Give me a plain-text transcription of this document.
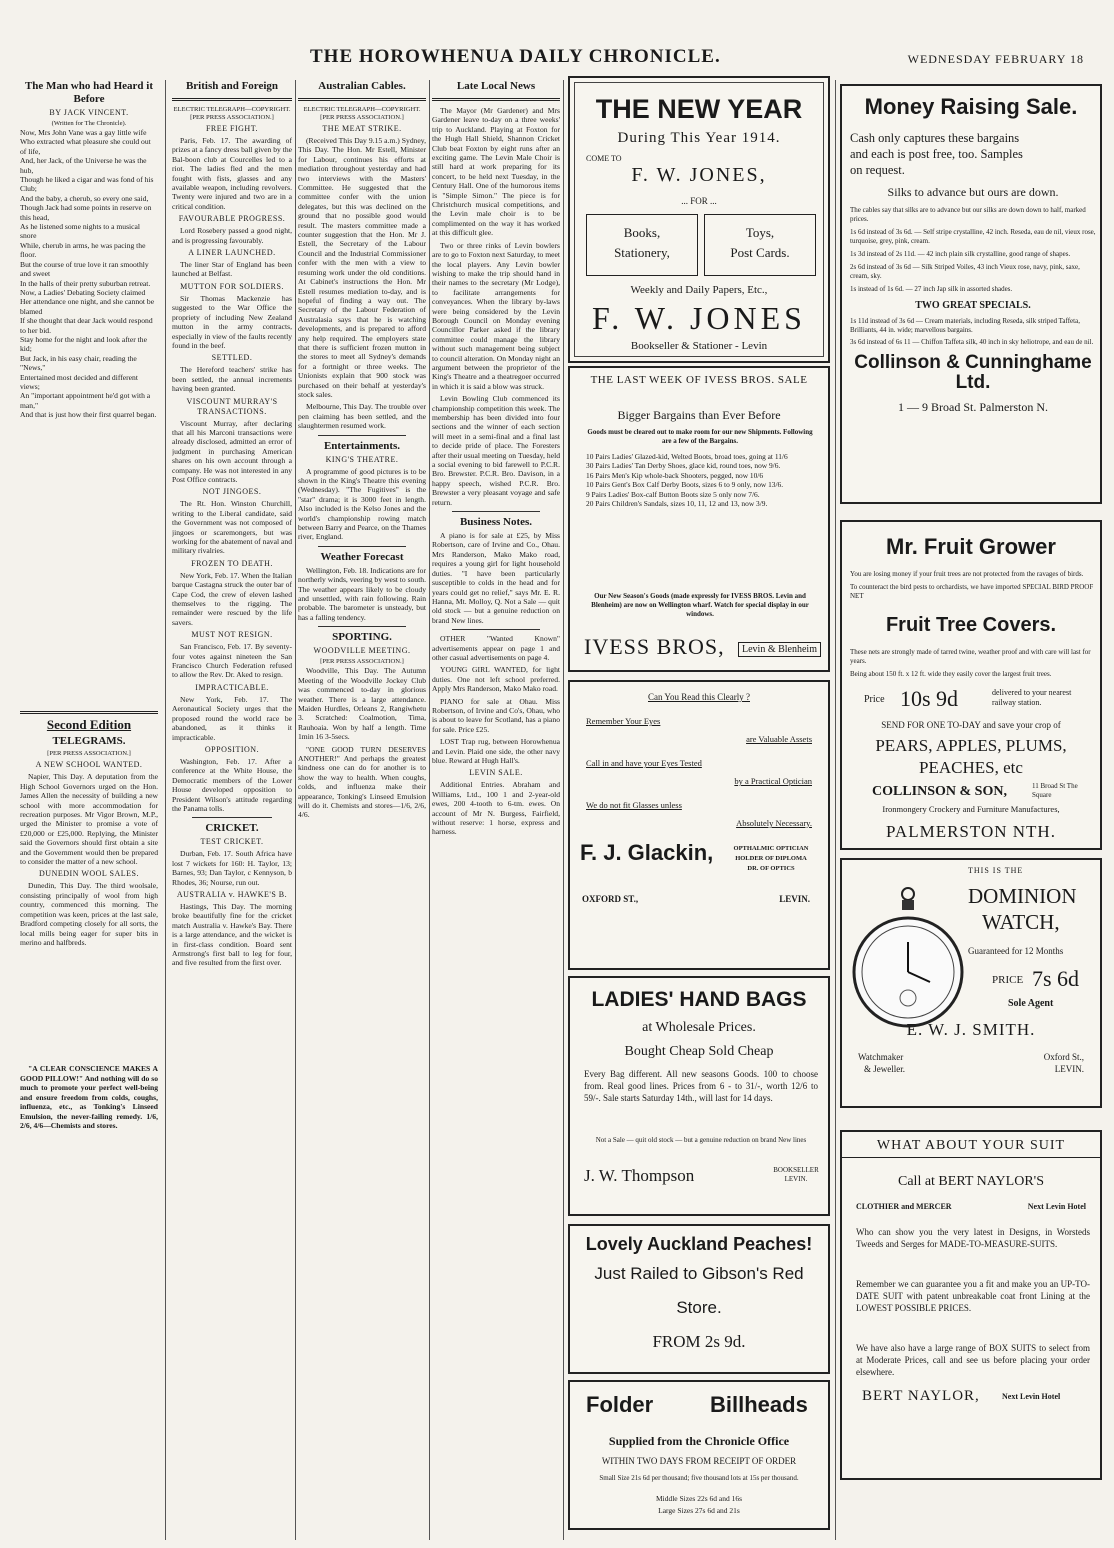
THE HOROWHENUA DAILY CHRONICLE.	WEDNESDAY FEBRUARY 18
The Man who had Heard it Before
BY JACK VINCENT.
(Written for The Chronicle).
Now, Mrs John Vane was a gay little wife
Who extracted what pleasure she could out of life,
And, her Jack, of the Universe he was the hub,
Though he liked a cigar and was fond of his Club;
And the baby, a cherub, so every one said,
Though Jack had some points in reserve on this head,
As he listened some nights to a musical snore
While, cherub in arms, he was pacing the floor.
But the course of true love it ran smoothly and sweet
In the halls of their pretty suburban retreat.
Now, a Ladies' Debating Society claimed
Her attendance one night, and she cannot be blamed
If she thought that dear Jack would respond to her bid.
Stay home for the night and look after the kid;
But Jack, in his easy chair, reading the "News,"
Entertained most decided and different views;
An "important appointment he'd got with a man,"
And that is just how their first quarrel began.
Second Edition
TELEGRAMS.
[PER PRESS ASSOCIATION.]
A NEW SCHOOL WANTED.

Napier, This Day. A deputation from the High School Governors urged on the Hon. James Allen the necessity of building a new school with more accommodation for recreation purposes. Mr Vigor Brown, M.P., urged the Minister to promise a vote of £20,000 or £25,000. Replying, the Minister said the Governors should first obtain a site and the Government would then be prepared to consider the matter of a new school.

DUNEDIN WOOL SALES.

Dunedin, This Day. The third woolsale, consisting principally of wool from high country, commenced this morning. The competition was keen, prices at the last sale, Bradford competing closely for all sorts, the local mills being eager for super bits in merino and halfbreds.

"A CLEAR CONSCIENCE MAKES A GOOD PILLOW!" And nothing will do so much to promote your perfect well-being and ensure freedom from colds, coughs, influenza, etc., as Tonking's Linseed Emulsion, the never-failing remedy. 1/6, 2/6, 4/6—Chemists and stores.

British and Foreign
ELECTRIC TELEGRAPH—COPYRIGHT. [PER PRESS ASSOCIATION.]
FREE FIGHT.

Paris, Feb. 17. The awarding of prizes at a fancy dress ball given by the Bal-boon club at Courcelles led to a riot. The ladies fled and the men fought with fists, glasses and any available weapon, including revolvers. Twenty were injured and two are in a critical condition.

FAVOURABLE PROGRESS.

Lord Rosebery passed a good night, and is progressing favourably.

A LINER LAUNCHED.

The liner Star of England has been launched at Belfast.

MUTTON FOR SOLDIERS.

Sir Thomas Mackenzie has suggested to the War Office the propriety of including New Zealand mutton in the army contracts, especially in view of the faults recently found in the beef.

SETTLED.

The Hereford teachers' strike has been settled, the annual increments having been granted.

VISCOUNT MURRAY'S TRANSACTIONS.

Viscount Murray, after declaring that all his Marconi transactions were already disclosed, admitted an error of judgment in purchasing American shares on his own account through a company. He was not interested in any Post Office contracts.

NOT JINGOES.

The Rt. Hon. Winston Churchill, writing to the Liberal candidate, said the Government was not composed of jingoes or scaremongers, but was working for the abatement of naval and military rivalries.

FROZEN TO DEATH.

New York, Feb. 17. When the Italian barque Castagna struck the outer bar of Cape Cod, the crew of eleven lashed themselves to the rigging. The remainder were rescued by the life savers.

MUST NOT RESIGN.

San Francisco, Feb. 17. By seventy-four votes against nineteen the San Francisco Church Federation refused to allow the Rev. Dr. Aked to resign.

IMPRACTICABLE.

New York, Feb. 17. The Aeronautical Society urges that the proposed round the world race be abandoned, as it thinks it impracticable.

OPPOSITION.

Washington, Feb. 17. After a conference at the White House, the Democratic members of the Lower House developed opposition to President Wilson's attitude regarding the Panama tolls.

CRICKET.
TEST CRICKET.

Durban, Feb. 17. South Africa have lost 7 wickets for 160: H. Taylor, 13; Barnes, 93; Dan Taylor, c Kennyson, b Rhodes, 36; Nourse, run out.

AUSTRALIA v. HAWKE'S B.

Hastings, This Day. The morning broke beautifully fine for the cricket match Australia v. Hawke's Bay. There is a large attendance, and the wicket is in first-class condition. Board sent Armstrong's first ball to leg for four, and five resulted from the first over.

Australian Cables.
ELECTRIC TELEGRAPH—COPYRIGHT. [PER PRESS ASSOCIATION.]
THE MEAT STRIKE.

(Received This Day 9.15 a.m.) Sydney, This Day. The Hon. Mr Estell, Minister for Labour, continues his efforts at mediation throughout yesterday and had two interviews with the Masters' Committee. He suggested that the committee confer with the union delegates, but this was declined on the ground that no possible good would result. The masters committee made a counter suggestion that the Hon. Mr J. Estell, the Secretary of the Labour Council and the Industrial Commissioner confer with the men with a view to resuming work under the old conditions. At Cabinet's instructions the Hon. Mr Estell resumes mediation to-day, and is hopeful of finding a way out. The Secretary of the Labour Federation of Australasia says that he is watching developments, and is prepared to afford any help required. The employers state that there is sufficient frozen mutton in the stores to meet all Sydney's demands for a fortnight or three weeks. The Unionists explain that 900 stock was purchased on their behalf at yesterday's stock sales.

Melbourne, This Day. The trouble over pen claiming has been settled, and the slaughtermen resumed work.

Entertainments.
KING'S THEATRE.

A programme of good pictures is to be shown in the King's Theatre this evening (Wednesday). "The Fugitives" is the "star" drama; it is 3000 feet in length. Also included is the Kelso Jones and the world's championship rowing match between Barry and Pearce, on the Thames river, England.

Weather Forecast

Wellington, Feb. 18. Indications are for northerly winds, veering by west to south. The weather appears likely to be cloudy and unsettled, with rain following. Rain probable. The barometer is unsteady, but has a falling tendency.

SPORTING.
WOODVILLE MEETING.
[PER PRESS ASSOCIATION.]

Woodville, This Day. The Autumn Meeting of the Woodville Jockey Club was commenced to-day in glorious weather. There is a large attendance. Maiden Hurdles, Orleans 2, Rangiwhetu 3. Scratched: Coalmotion, Tima, Rauhoaia. Won by half a length. Time 1min 16 3-5secs.

"ONE GOOD TURN DESERVES ANOTHER!" And perhaps the greatest kindness one can do for another is to show the way to health. When coughs, colds, and influenza make their appearance, Tonking's Linseed Emulsion will do it. Chemists and stores—1/6, 2/6, 4/6.

Late Local News

The Mayor (Mr Gardener) and Mrs Gardener leave to-day on a three weeks' trip to Auckland. Playing at Foxton for the Hugh Hall Shield, Shannon Cricket Club beat Foxton by eight runs after an exciting game. The Levin Male Choir is still hard at work preparing for its concert, to be held next Tuesday, in the Century Hall. One of the humorous items is "Simple Simon." The piece is for Christchurch musical competitions, and the Levin male choir is to be complimented on the way it has worked at this difficult glee.

Two or three rinks of Levin bowlers are to go to Foxton next Saturday, to meet the local players. Any Levin bowler wishing to make the trip should hand in their names to the secretary (Mr Lodge), to facilitate arrangements for conveyances. When the library by-laws were being considered by the Levin Borough Council on Monday evening Councillor Parker asked if the library committee could manage the library without such management being subject to council alteration. On Monday night an argument between the proprietor of the King's Theatre and a theatregoer occurred in which it is said a blow was struck.

Levin Bowling Club commenced its championship competition this week. The membership has been divided into four sections and the winner of each section will meet in a semi-final and a final last to decide pride of place. The Foresters after their usual meeting on Tuesday, held a social evening to bid farewell to P.C.R. Bro. Brewster. P.C.R. Bro. Davison, in a happy speech, wished P.C.R. Bro. Brewster a very pleasant voyage and safe return.

Business Notes.

A piano is for sale at £25, by Miss Robertson, care of Irvine and Co., Ohau. Mrs Randerson, Mako Mako road, requires a young girl for light household duties. "I have been particularly susceptible to colds in the head and for years could get no relief," says Mr. E. R. Hanna, Mt. Molloy, Q. Not a Sale — quit old stock — but a genuine reduction on brand New lines.

OTHER "Wanted Known" advertisements appear on page 1 and other casual advertisements on page 4.

YOUNG GIRL WANTED, for light duties. One not left school preferred. Apply Mrs Randerson, Mako Mako road.

PIANO for sale at Ohau. Miss Robertson, of Irvine and Co's, Ohau, who is about to leave for Scotland, has a piano for sale. Price £25.

LOST Trap rug, between Horowhenua and Levin. Plaid one side, the other navy blue. Reward at Hugh Hall's.

LEVIN SALE.

Additional Entries. Abraham and Williams, Ltd., 100 1 and 2-year-old ewes, 200 4-tooth to 6-tm. ewes. On account of Mr N. Burgess, Fairfield, without reserve: 1 horse, express and harness.

THE NEW YEAR
During This Year 1914.
COME TO
F. W. JONES,
... FOR ...
Books,
Stationery,
Toys,
Post Cards.
Weekly and Daily Papers, Etc.,
F. W. JONES
Bookseller & Stationer - Levin
Money Raising Sale.
Cash only captures these bargains
and each is post free, too. Samples
on request.
Silks to advance but ours are down.
The cables say that silks are to advance but our silks are down down to half, marked prices.
1s 6d instead of 3s 6d. — Self stripe crystalline, 42 inch. Reseda, eau de nil, vieux rose, turquoise, grey, pink, cream.
1s 3d instead of 2s 11d. — 42 inch plain silk crystalline, good range of shapes.
2s 6d instead of 3s 6d — Silk Striped Voiles, 43 inch Vieux rose, navy, pink, saxe, cream, sky.
1s instead of 1s 6d. — 27 inch Jap silk in assorted shades.
TWO GREAT SPECIALS.
1s 11d instead of 3s 6d — Cream materials, including Reseda, silk striped Taffeta, Brilliants, 44 in. wide; marvellous bargains.
3s 6d instead of 6s 11 — Chiffon Taffeta silk, 40 inch in sky heliotrope, and eau de nil.
Collinson & Cunninghame
Ltd.
1 — 9 Broad St. Palmerston N.
THE LAST WEEK OF IVESS BROS. SALE
Bigger Bargains than Ever Before
Goods must be cleared out to make room for our new Shipments. Following are a few of the Bargains.
10 Pairs Ladies' Glazed-kid, Welted Boots, broad toes, going at 11/6
30 Pairs Ladies' Tan Derby Shoes, glace kid, round toes, now 9/6.
16 Pairs Men's Kip whole-back Shooters, pegged, now 10/6
10 Pairs Gent's Box Calf Derby Boots, sizes 6 to 9 only, now 13/6.
9 Pairs Ladies' Box-calf Button Boots size 5 only now 7/6.
20 Pairs Children's Sandals, sizes 10, 11, 12 and 13, now 3/9.
Our New Season's Goods (made expressly for IVESS BROS. Levin and Blenheim) are now on Wellington wharf. Watch for special display in our windows.
IVESS BROS,	Levin & Blenheim
Mr. Fruit Grower
You are losing money if your fruit trees are not protected from the ravages of birds.
To counteract the bird pests to orchardists, we have imported SPECIAL BIRD PROOF NET
Fruit Tree Covers.
These nets are strongly made of tarred twine, weather proof and with care will last for years.
Being about 150 ft. x 12 ft. wide they easily cover the largest fruit trees.
Price 10s 9d	delivered to your nearest railway station.
SEND FOR ONE TO-DAY and save your crop of
PEARS, APPLES, PLUMS,
PEACHES, etc
COLLINSON & SON,	11 Broad St The Square
Ironmongery Crockery and Furniture Manufactures,
PALMERSTON NTH.
Can You Read this Clearly ?
Remember Your Eyes
are Valuable Assets
Call in and have your Eyes Tested
by a Practical Optician
We do not fit Glasses unless
Absolutely Necessary.
F. J. Glackin,	OPTHALMIC OPTICIAN
HOLDER OF DIPLOMA
DR. OF OPTICS
OXFORD ST.,	LEVIN.
THIS IS THE
DOMINION
WATCH,
Guaranteed for 12 Months
PRICE 7s 6d
Sole Agent
E. W. J. SMITH.
Watchmaker
& Jeweller.
Oxford St.,
LEVIN.
LADIES' HAND BAGS
at Wholesale Prices.
Bought Cheap Sold Cheap
Every Bag different. All new seasons Goods. 100 to choose from. Real good lines. Prices from 6 - to 31/-, worth 12/6 to 59/-. Sale starts Saturday 14th., will last for 14 days.
Not a Sale — quit old stock — but a genuine reduction on brand New lines
J. W. Thompson	BOOKSELLER LEVIN.
WHAT ABOUT YOUR SUIT
Call at BERT NAYLOR'S
CLOTHIER and MERCER	Next Levin Hotel
Who can show you the very latest in Designs, in Worsteds Tweeds and Serges for MADE-TO-MEASURE-SUITS.
Remember we can guarantee you a fit and make you an UP-TO-DATE SUIT with patent unbreakable coat front Lining at the LOWEST POSSIBLE PRICES.
We have also have a large range of BOX SUITS to select from at Moderate Prices, call and see us before placing your order elsewhere.
BERT NAYLOR,	Next Levin Hotel
Lovely Auckland Peaches!
Just Railed to Gibson's Red
Store.
FROM 2s 9d.
Folder	Billheads
Supplied from the Chronicle Office
WITHIN TWO DAYS FROM RECEIPT OF ORDER
Small Size 21s 6d per thousand; five thousand lots at 15s per thousand.
Middle Sizes 22s 6d and 16s
Large Sizes 27s 6d and 21s
